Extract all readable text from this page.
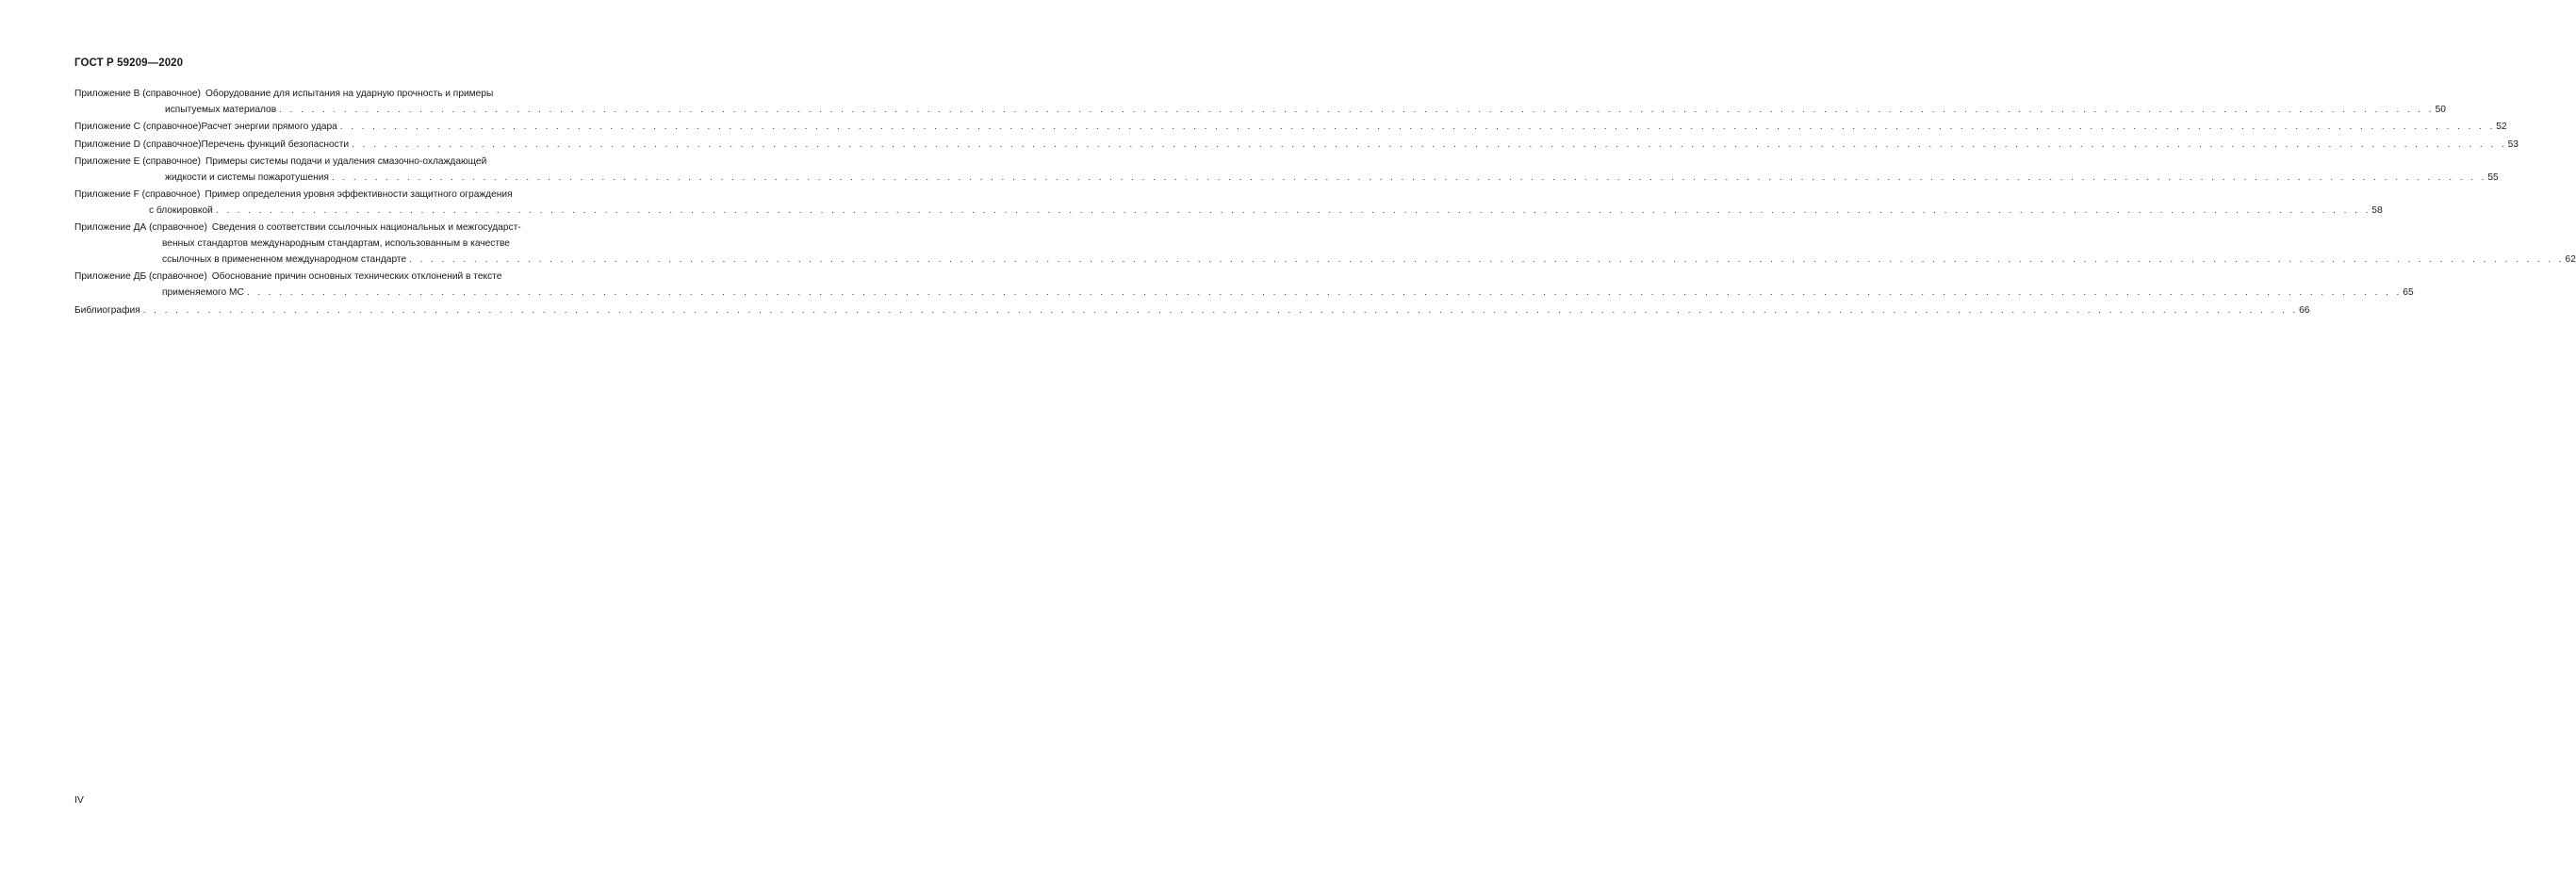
ГОСТ Р 59209—2020
Приложение B (справочное) Оборудование для испытания на ударную прочность и примеры
испытуемых материалов . . . . . . . . . . . . . . . . . . . . . . . . . . . . . . . . . . . . . . . . . . . . . . . . . . . . . . . . . . . . . . . . . . . . . . . . . . . . . . . . . . . . . . . . . . . . . . . . . . . . . . . . . . . . . . . . . . . . . . . . . . . . . . . . . . . . . . . . . . . . . . . . . . . . . . . . . . . . . . . . . . . . . . . . . . . . . . . . . . . . . . . . . . . . . . . . . . . . . . . . 50
Приложение C (справочное) Расчет энергии прямого удара . . . . . . . . . . . . . . . . . . . . . . . . . . . . . . . . . . . . . . . . . . . . . . . . . . . . . . . . . . . . . . . . . . . . . . . . . . . . . . . . . . . . . . . . . . . . . . . . . . . . . . . . . . . . . . . . . . . . . . . . . . . . . . . . . . . . . . . . . . . . . . . . . . . . . . . . . . . . . . . . . . . . . . . . . . . . . . . . . . . . . . . . . . . . . . . . . . . . . . . . 52
Приложение D (справочное) Перечень функций безопасности . . . . . . . . . . . . . . . . . . . . . . . . . . . . . . . . . . . . . . . . . . . . . . . . . . . . . . . . . . . . . . . . . . . . . . . . . . . . . . . . . . . . . . . . . . . . . . . . . . . . . . . . . . . . . . . . . . . . . . . . . . . . . . . . . . . . . . . . . . . . . . . . . . . . . . . . . . . . . . . . . . . . . . . . . . . . . . . . . . . . . . . . . . . . . . . . . . . . . . . . 53
Приложение E (справочное) Примеры системы подачи и удаления смазочно-охлаждающей
жидкости и системы пожаротушения . . . . . . . . . . . . . . . . . . . . . . . . . . . . . . . . . . . . . . . . . . . . . . . . . . . . . . . . . . . . . . . . . . . . . . . . . . . . . . . . . . . . . . . . . . . . . . . . . . . . . . . . . . . . . . . . . . . . . . . . . . . . . . . . . . . . . . . . . . . . . . . . . . . . . . . . . . . . . . . . . . . . . . . . . . . . . . . . . . . . . . . . . . . . . . . . . . . . . . . . 55
Приложение F (справочное) Пример определения уровня эффективности защитного ограждения
с блокировкой . . . . . . . . . . . . . . . . . . . . . . . . . . . . . . . . . . . . . . . . . . . . . . . . . . . . . . . . . . . . . . . . . . . . . . . . . . . . . . . . . . . . . . . . . . . . . . . . . . . . . . . . . . . . . . . . . . . . . . . . . . . . . . . . . . . . . . . . . . . . . . . . . . . . . . . . . . . . . . . . . . . . . . . . . . . . . . . . . . . . . . . . . . . . . . . . . . . . . . . . 58
Приложение ДА (справочное) Сведения о соответствии ссылочных национальных и межгосударст-
венных стандартов международным стандартам, использованным в качестве
ссылочных в примененном международном стандарте . . . . . . . . . . . . . . . . . . . . . . . . . . . . . . . . . . . . . . . . . . . . . . . . . . . . . . . . . . . . . . . . . . . . . . . . . . . . . . . . . . . . . . . . . . . . . . . . . . . . . . . . . . . . . . . . . . . . . . . . . . . . . . . . . . . . . . . . . . . . . . . . . . . . . . . . . . . . . . . . . . . . . . . . . . . . . . . . . . . . . . . . . . . . . . . . . . . . . . . . 62
Приложение ДБ (справочное) Обоснование причин основных технических отклонений в тексте
применяемого МС . . . . . . . . . . . . . . . . . . . . . . . . . . . . . . . . . . . . . . . . . . . . . . . . . . . . . . . . . . . . . . . . . . . . . . . . . . . . . . . . . . . . . . . . . . . . . . . . . . . . . . . . . . . . . . . . . . . . . . . . . . . . . . . . . . . . . . . . . . . . . . . . . . . . . . . . . . . . . . . . . . . . . . . . . . . . . . . . . . . . . . . . . . . . . . . . . . . . . . . . 65
Библиография . . . . . . . . . . . . . . . . . . . . . . . . . . . . . . . . . . . . . . . . . . . . . . . . . . . . . . . . . . . . . . . . . . . . . . . . . . . . . . . . . . . . . . . . . . . . . . . . . . . . . . . . . . . . . . . . . . . . . . . . . . . . . . . . . . . . . . . . . . . . . . . . . . . . . . . . . . . . . . . . . . . . . . . . . . . . . . . . . . . . . . . . . . . . . . . . . . . . . . . . 66
IV
